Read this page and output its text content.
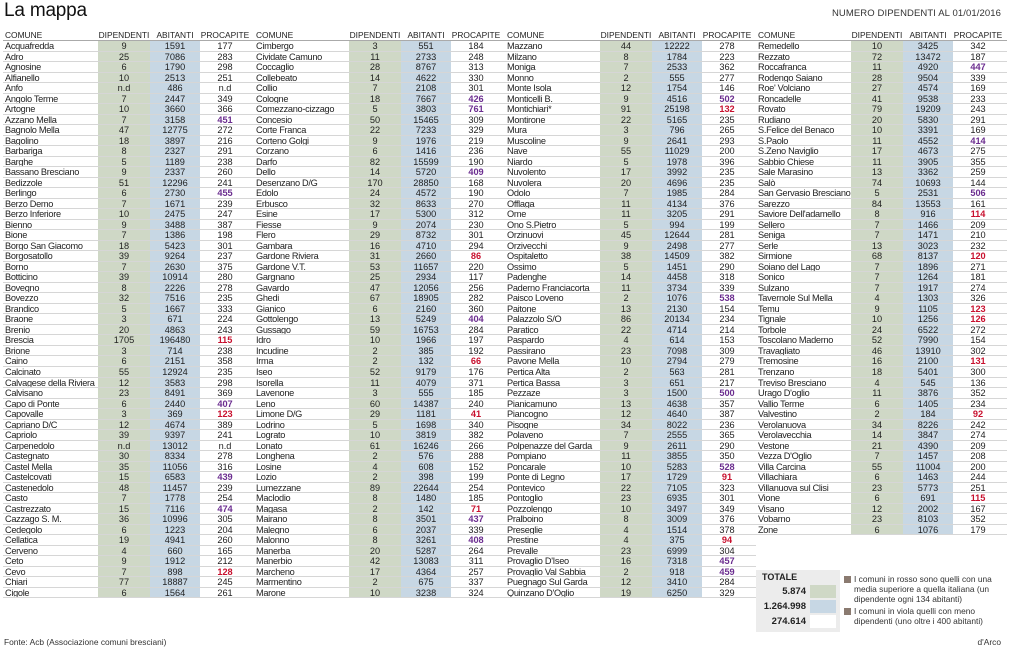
La mappa	NUMERO DIPENDENTI AL 01/01/2016
COMUNE	DIPENDENTI ABITANTI PROCAPITE
Acquafredda	9	1591	177
Adro	25	7086	283
Agnosine	6	1790	298
Alfianello	10	2513	251
Anfo	n.d	486	n.d
Angolo Terme	7	2447	349
Artogne	10	3660	366
Azzano Mella	7	3158	451
Bagnolo Mella	47	12775	272
Bagolino	18	3897	216
Barbariga	8	2327	291
Barghe	5	1189	238
Bassano Bresciano	9	2337	260
Bedizzole	51	12296	241
Berlingo	6	2730	455
Berzo Demo	7	1671	239
Berzo Inferiore	10	2475	247
Bienno	9	3488	387
Bione	7	1386	198
Borgo San Giacomo	18	5423	301
Borgosatollo	39	9264	237
Borno	7	2630	375
Botticino	39	10914	280
Bovegno	8	2226	278
Bovezzo	32	7516	235
Brandico	5	1667	333
Braone	3	671	224
Brenio	20	4863	243
Brescia	1705	196480	115
Brione	3	714	238
Caino	6	2151	358
Calcinato	55	12924	235
Calvagese della Riviera	12	3583	298
Calvisano	23	8491	369
Capo di Ponte	6	2440	407
Capovalle	3	369	123
Capriano D/C	12	4674	389
Capriolo	39	9397	241
Carpenedolo	n.d	13012	n.d
Castegnato	30	8334	278
Castel Mella	35	11056	316
Castelcovati	15	6583	439
Castenedolo	48	11457	239
Casto	7	1778	254
Castrezzato	15	7116	474
Cazzago S. M.	36	10996	305
Cedegolo	6	1223	204
Cellatica	19	4941	260
Cerveno	4	660	165
Ceto	9	1912	212
Cevo	7	898	128
Chiari	77	18887	245
Cigole	6	1564	261
COMUNE	DIPENDENTI ABITANTI PROCAPITE
Cimbergo	3	551	184
Cividate Camuno	11	2733	248
Coccaglio	28	8767	313
Collebeato	14	4622	330
Collio	7	2108	301
Cologne	18	7667	426
Comezzano-cizzago	5	3803	761
Concesio	50	15465	309
Corte Franca	22	7233	329
Corteno Golgi	9	1976	219
Corzano	6	1416	236
Darfo	82	15599	190
Dello	14	5720	409
Desenzano D/G	170	28850	168
Edolo	24	4572	190
Erbusco	32	8633	270
Esine	17	5300	312
Fiesse	9	2074	230
Flero	29	8732	301
Gambara	16	4710	294
Gardone Riviera	31	2660	86
Gardone V.T.	53	11657	220
Gargnano	25	2934	117
Gavardo	47	12056	256
Ghedi	67	18905	282
Gianico	6	2160	360
Gottolengo	13	5249	404
Gussago	59	16753	284
Idro	10	1966	197
Incudine	2	385	192
Irma	2	132	66
Iseo	52	9179	176
Isorella	11	4079	371
Lavenone	3	555	185
Leno	60	14387	240
Limone D/G	29	1181	41
Lodrino	5	1698	340
Lograto	10	3819	382
Lonato	61	16246	266
Longhena	2	576	288
Losine	4	608	152
Lozio	2	398	199
Lumezzane	89	22644	254
Maclodio	8	1480	185
Magasa	2	142	71
Mairano	8	3501	437
Malegno	6	2037	339
Malonno	8	3261	408
Manerba	20	5287	264
Manerbio	42	13083	311
Marcheno	17	4364	257
Marmentino	2	675	337
Marone	10	3238	324
COMUNE	DIPENDENTI ABITANTI PROCAPITE
Mazzano	44	12222	278
Milzano	8	1784	223
Moniga	7	2533	362
Monno	2	555	277
Monte Isola	12	1754	146
Monticelli B.	9	4516	502
Montichiari*	91	25198	132
Montirone	22	5165	235
Mura	3	796	265
Muscoline	9	2641	293
Nave	55	11029	200
Niardo	5	1978	396
Nuvolento	17	3992	235
Nuvolera	20	4696	235
Odolo	7	1985	284
Offlaga	11	4134	376
Ome	11	3205	291
Ono S.Pietro	5	994	199
Orzinuovi	45	12644	281
Orzivecchi	9	2498	277
Ospitaletto	38	14509	382
Ossimo	5	1451	290
Padenghe	14	4458	318
Paderno Franciacorta	11	3734	339
Paisco Loveno	2	1076	538
Paitone	13	2130	154
Palazzolo S/O	86	20134	234
Paratico	22	4714	214
Paspardo	4	614	153
Passirano	23	7098	309
Pavone Mella	10	2794	279
Pertica Alta	2	563	281
Pertica Bassa	3	651	217
Pezzaze	3	1500	500
Pianicamuno	13	4638	357
Piancogno	12	4640	387
Pisogne	34	8022	236
Polaveno	7	2555	365
Polpenazze del Garda	9	2611	290
Pompiano	11	3855	350
Poncarale	10	5283	528
Ponte di Legno	17	1729	91
Pontevico	22	7105	323
Pontoglio	23	6935	301
Pozzolengo	10	3497	349
Pralboino	8	3009	376
Preseglie	4	1514	378
Prestine	4	375	94
Prevalle	23	6999	304
Provaglio D'Iseo	16	7318	457
Provaglio Val Sabbia	2	918	459
Puegnago Sul Garda	12	3410	284
Quinzano D'Oglio	19	6250	329
COMUNE	DIPENDENTI ABITANTI PROCAPITE
Remedello	10	3425	342
Rezzato	72	13472	187
Roccafranca	11	4920	447
Rodengo Saiano	28	9504	339
Roe' Volciano	27	4574	169
Roncadelle	41	9538	233
Rovato	79	19209	243
Rudiano	20	5830	291
S.Felice del Benaco	10	3391	169
S.Paolo	11	4552	414
S.Zeno Naviglio	17	4673	275
Sabbio Chiese	11	3905	355
Sale Marasino	13	3362	259
Salò	74	10693	144
San Gervasio Bresciano	5	2531	506
Sarezzo	84	13553	161
Saviore Dell'adamello	8	916	114
Sellero	7	1466	209
Seniga	7	1471	210
Serle	13	3023	232
Sirmione	68	8137	120
Soiano del Lago	7	1896	271
Sonico	7	1264	181
Sulzano	7	1917	274
Tavernole Sul Mella	4	1303	326
Temu	9	1105	123
Tignale	10	1256	126
Torbole	24	6522	272
Toscolano Maderno	52	7990	154
Travagliato	46	13910	302
Tremosine	16	2100	131
Trenzano	18	5401	300
Treviso Bresciano	4	545	136
Urago D'oglio	11	3876	352
Vallio Terme	6	1405	234
Valvestino	2	184	92
Verolanuova	34	8226	242
Verolavecchia	14	3847	274
Vestone	21	4390	209
Vezza D'Oglio	7	1457	208
Villa Carcina	55	11004	200
Villachiara	6	1463	244
Villanuova sul Clisi	23	5773	251
Vione	6	691	115
Visano	12	2002	167
Vobarno	23	8103	352
Zone	6	1076	179
TOTALE
5.874
1.264.998
274.614
I comuni in rosso sono quelli con una media superiore a quella italiana (un dipendente ogni 134 abitanti)
I comuni in viola quelli con meno dipendenti (uno oltre i 400 abitanti)
Fonte: Acb (Associazione comuni bresciani)	d'Arco
